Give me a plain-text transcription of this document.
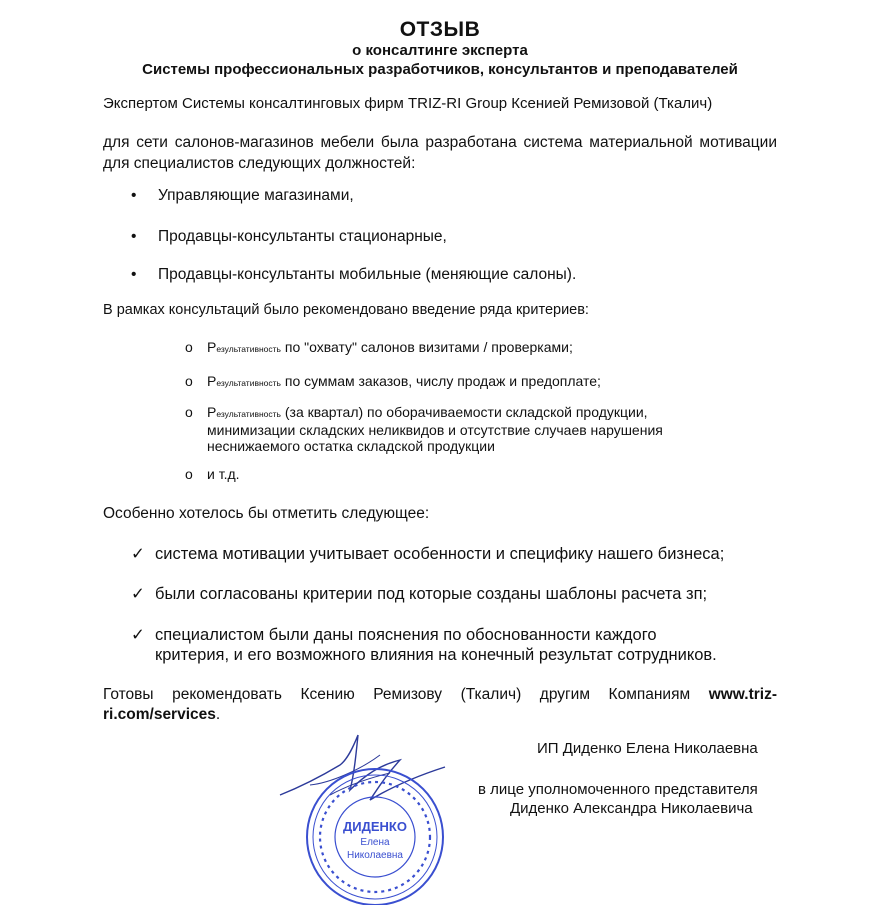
ОТЗЫВ
о консалтинге эксперта
Системы профессиональных разработчиков, консультантов и преподавателей
Экспертом Системы консалтинговых фирм TRIZ-RI Group Ксенией Ремизовой (Ткалич)
для сети салонов-магазинов мебели была разработана система материальной мотивации для специалистов следующих должностей:
• Управляющие магазинами,
• Продавцы-консультанты стационарные,
• Продавцы-консультанты мобильные (меняющие салоны).
В рамках консультаций было рекомендовано введение ряда критериев:
o Результативность по "охвату" салонов визитами / проверками;
o Результативность по суммам заказов, числу продаж и предоплате;
o Результативность (за квартал) по оборачиваемости складской продукции,
минимизации складских неликвидов и отсутствие случаев нарушения
неснижаемого остатка складской продукции
o и т.д.
Особенно хотелось бы отметить следующее:
✓ система мотивации учитывает особенности и специфику нашего бизнеса;
✓ были согласованы критерии под которые созданы шаблоны расчета зп;
✓ специалистом были даны пояснения по обоснованности каждого
критерия, и его возможного влияния на конечный результат сотрудников.
Готовы рекомендовать Ксению Ремизову (Ткалич) другим Компаниям www.triz-ri.com/services.
ДИДЕНКО
Елена
Николаевна
ИП Диденко Елена Николаевна
в лице уполномоченного представителя
Диденко Александра Николаевича
